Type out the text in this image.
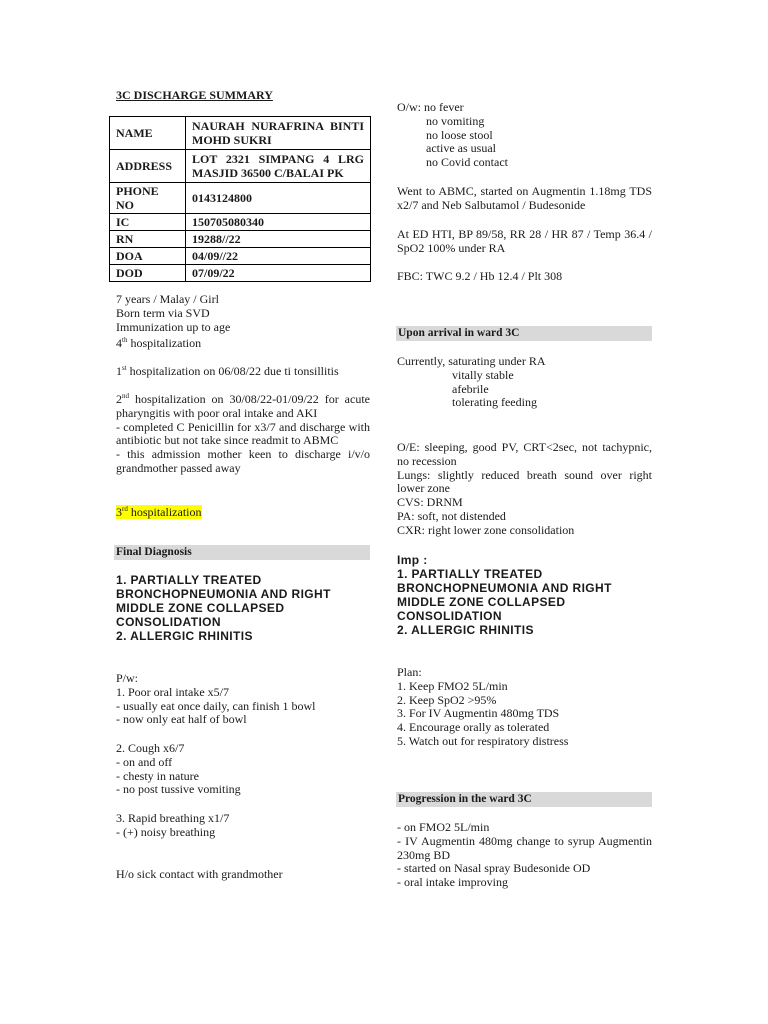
3C DISCHARGE SUMMARY
NAME	NAURAH NURAFRINA BINTI MOHD SUKRI
ADDRESS	LOT 2321 SIMPANG 4 LRG MASJID 36500 C/BALAI PK
PHONE NO	0143124800
IC	150705080340
RN	19288//22
DOA	04/09//22
DOD	07/09/22
7 years / Malay / Girl
Born term via SVD
Immunization up to age
4th hospitalization
1st hospitalization on 06/08/22 due ti tonsillitis
2nd hospitalization on 30/08/22-01/09/22 for acute pharyngitis with poor oral intake and AKI
- completed C Penicillin for x3/7 and discharge with antibiotic but not take since readmit to ABMC
- this admission mother keen to discharge i/v/o grandmother passed away
3rd hospitalization
Final Diagnosis
1. PARTIALLY TREATED BRONCHOPNEUMONIA AND RIGHT MIDDLE ZONE COLLAPSED CONSOLIDATION
2. ALLERGIC RHINITIS
P/w:
1. Poor oral intake x5/7
- usually eat once daily, can finish 1 bowl
- now only eat half of bowl
2. Cough x6/7
- on and off
- chesty in nature
- no post tussive vomiting
3. Rapid breathing x1/7
- (+) noisy breathing
H/o sick contact with grandmother
O/w: no fever
no vomiting
no loose stool
active as usual
no Covid contact
Went to ABMC, started on Augmentin 1.18mg TDS x2/7 and Neb Salbutamol / Budesonide
At ED HTI, BP 89/58, RR 28 / HR 87 / Temp 36.4 / SpO2 100% under RA
FBC: TWC 9.2 / Hb 12.4 / Plt 308
Upon arrival in ward 3C
Currently, saturating under RA
vitally stable
afebrile
tolerating feeding
O/E: sleeping, good PV, CRT<2sec, not tachypnic, no recession
Lungs: slightly reduced breath sound over right lower zone
CVS: DRNM
PA: soft, not distended
CXR: right lower zone consolidation
Imp :
1. PARTIALLY TREATED BRONCHOPNEUMONIA AND RIGHT MIDDLE ZONE COLLAPSED CONSOLIDATION
2. ALLERGIC RHINITIS
Plan:
1. Keep FMO2 5L/min
2. Keep SpO2 >95%
3. For IV Augmentin 480mg TDS
4. Encourage orally as tolerated
5. Watch out for respiratory distress
Progression in the ward 3C
- on FMO2 5L/min
- IV Augmentin 480mg change to syrup Augmentin 230mg BD
- started on Nasal spray Budesonide OD
- oral intake improving
